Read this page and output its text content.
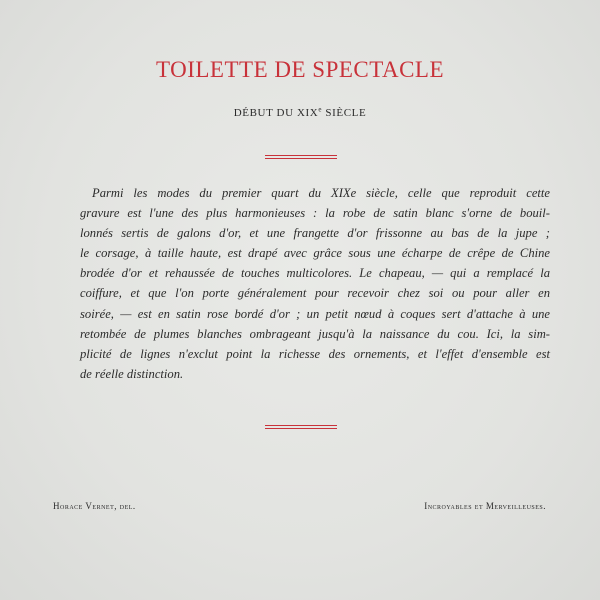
TOILETTE DE SPECTACLE
DÉBUT DU XIXe SIÈCLE
Parmi les modes du premier quart du XIXe siècle, celle que reproduit cette
gravure est l'une des plus harmonieuses : la robe de satin blanc s'orne de bouil-
lonnés sertis de galons d'or, et une frangette d'or frissonne au bas de la jupe ;
le corsage, à taille haute, est drapé avec grâce sous une écharpe de crêpe de Chine
brodée d'or et rehaussée de touches multicolores. Le chapeau, — qui a remplacé la
coiffure, et que l'on porte généralement pour recevoir chez soi ou pour aller en
soirée, — est en satin rose bordé d'or ; un petit nœud à coques sert d'attache à une
retombée de plumes blanches ombrageant jusqu'à la naissance du cou. Ici, la sim-
plicité de lignes n'exclut point la richesse des ornements, et l'effet d'ensemble est
de réelle distinction.
Horace Vernet, del.	Incroyables et Merveilleuses.
